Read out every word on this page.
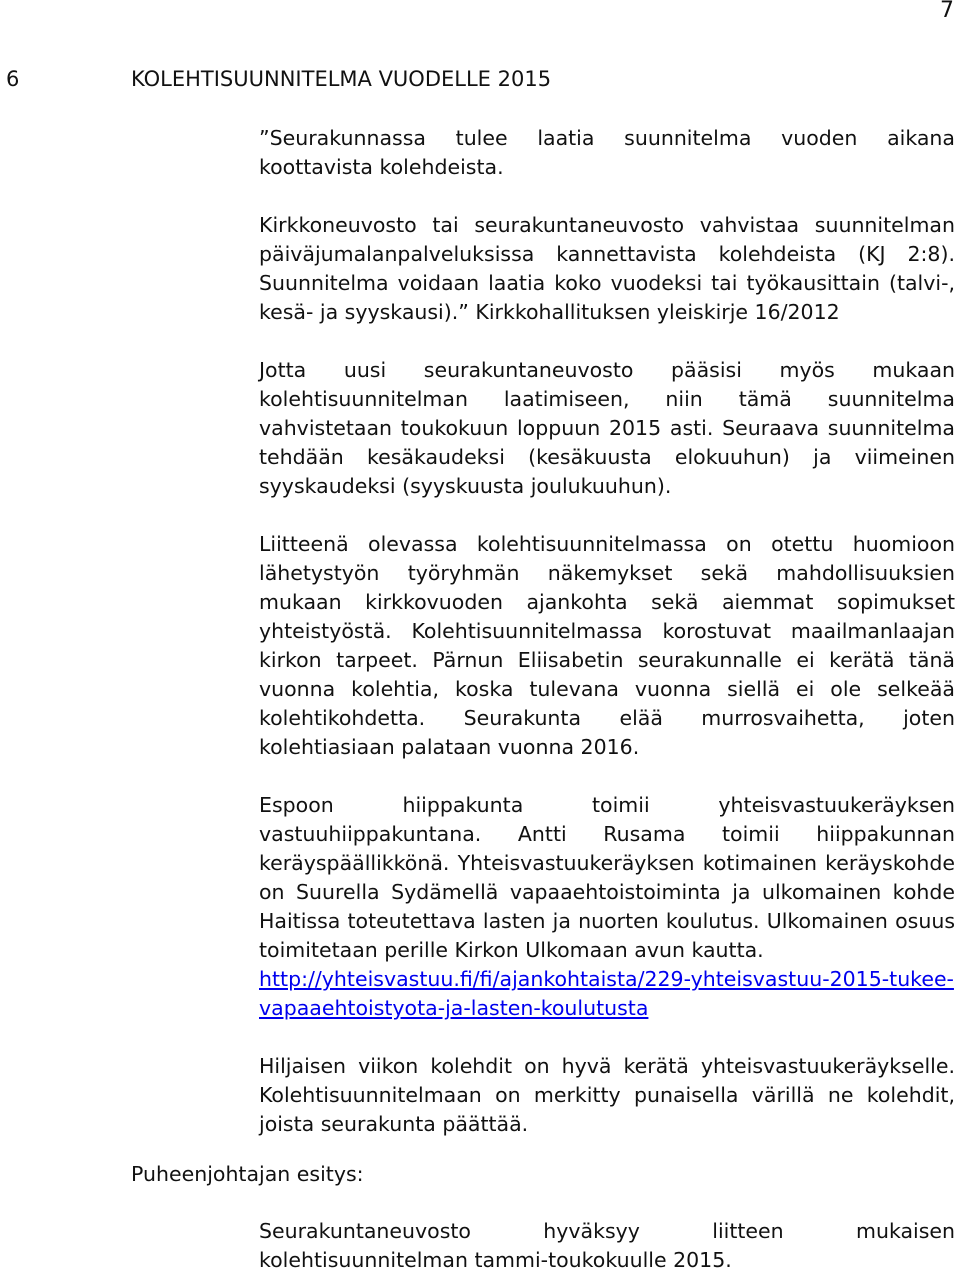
7
6	KOLEHTISUUNNITELMA VUODELLE 2015

”Seurakunnassa tulee laatia suunnitelma vuoden aikana koottavista kolehdeista.

Kirkkoneuvosto tai seurakuntaneuvosto vahvistaa suunnitelman päiväjumalanpalveluksissa kannettavista kolehdeista (KJ 2:8). Suunnitelma voidaan laatia koko vuodeksi tai työkausittain (talvi-, kesä- ja syyskausi).” Kirkkohallituksen yleiskirje 16/2012

Jotta uusi seurakuntaneuvosto pääsisi myös mukaan kolehtisuunnitelman laatimiseen, niin tämä suunnitelma vahvistetaan toukokuun loppuun 2015 asti. Seuraava suunnitelma tehdään kesäkaudeksi (kesäkuusta elokuuhun) ja viimeinen syyskaudeksi (syyskuusta joulukuuhun).

Liitteenä olevassa kolehtisuunnitelmassa on otettu huomioon lähetystyön työryhmän näkemykset sekä mahdollisuuksien mukaan kirkkovuoden ajankohta sekä aiemmat sopimukset yhteistyöstä. Kolehtisuunnitelmassa korostuvat maailmanlaajan kirkon tarpeet. Pärnun Eliisabetin seurakunnalle ei kerätä tänä vuonna kolehtia, koska tulevana vuonna siellä ei ole selkeää kolehtikohdetta. Seurakunta elää murrosvaihetta, joten kolehtiasiaan palataan vuonna 2016.

Espoon hiippakunta toimii yhteisvastuukeräyksen vastuuhiippakuntana. Antti Rusama toimii hiippakunnan keräyspäällikkönä. Yhteisvastuukeräyksen kotimainen keräyskohde on Suurella Sydämellä vapaaehtoistoiminta ja ulkomainen kohde Haitissa toteutettava lasten ja nuorten koulutus. Ulkomainen osuus toimitetaan perille Kirkon Ulkomaan avun kautta.
http://yhteisvastuu.fi/fi/ajankohtaista/229-yhteisvastuu-2015-tukee-vapaaehtoistyota-ja-lasten-koulutusta

Hiljaisen viikon kolehdit on hyvä kerätä yhteisvastuukeräykselle. Kolehtisuunnitelmaan on merkitty punaisella värillä ne kolehdit, joista seurakunta päättää.

Puheenjohtajan esitys:

Seurakuntaneuvosto hyväksyy liitteen mukaisen kolehtisuunnitelman tammi-toukokuulle 2015.
